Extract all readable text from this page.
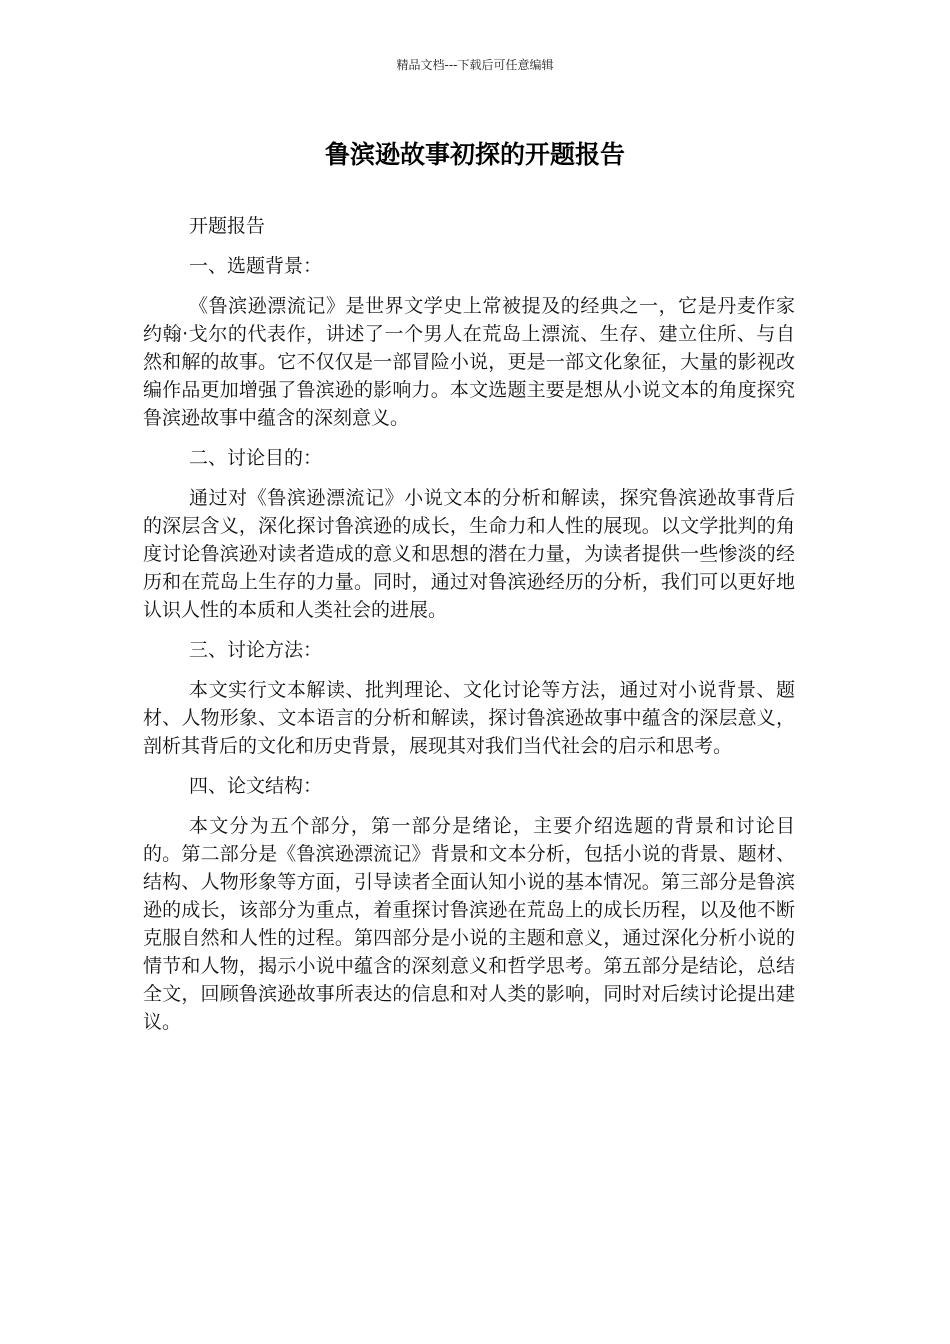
精品文档---下载后可任意编辑
鲁滨逊故事初探的开题报告

开题报告

一、选题背景：

《鲁滨逊漂流记》是世界文学史上常被提及的经典之一，它是丹麦作家约翰·戈尔的代表作，讲述了一个男人在荒岛上漂流、生存、建立住所、与自然和解的故事。它不仅仅是一部冒险小说，更是一部文化象征，大量的影视改编作品更加增强了鲁滨逊的影响力。本文选题主要是想从小说文本的角度探究鲁滨逊故事中蕴含的深刻意义。

二、讨论目的：

通过对《鲁滨逊漂流记》小说文本的分析和解读，探究鲁滨逊故事背后的深层含义，深化探讨鲁滨逊的成长，生命力和人性的展现。以文学批判的角度讨论鲁滨逊对读者造成的意义和思想的潜在力量，为读者提供一些惨淡的经历和在荒岛上生存的力量。同时，通过对鲁滨逊经历的分析，我们可以更好地认识人性的本质和人类社会的进展。

三、讨论方法：

本文实行文本解读、批判理论、文化讨论等方法，通过对小说背景、题材、人物形象、文本语言的分析和解读，探讨鲁滨逊故事中蕴含的深层意义，剖析其背后的文化和历史背景，展现其对我们当代社会的启示和思考。

四、论文结构：

本文分为五个部分，第一部分是绪论，主要介绍选题的背景和讨论目的。第二部分是《鲁滨逊漂流记》背景和文本分析，包括小说的背景、题材、结构、人物形象等方面，引导读者全面认知小说的基本情况。第三部分是鲁滨逊的成长，该部分为重点，着重探讨鲁滨逊在荒岛上的成长历程，以及他不断克服自然和人性的过程。第四部分是小说的主题和意义，通过深化分析小说的情节和人物，揭示小说中蕴含的深刻意义和哲学思考。第五部分是结论，总结全文，回顾鲁滨逊故事所表达的信息和对人类的影响，同时对后续讨论提出建议。
